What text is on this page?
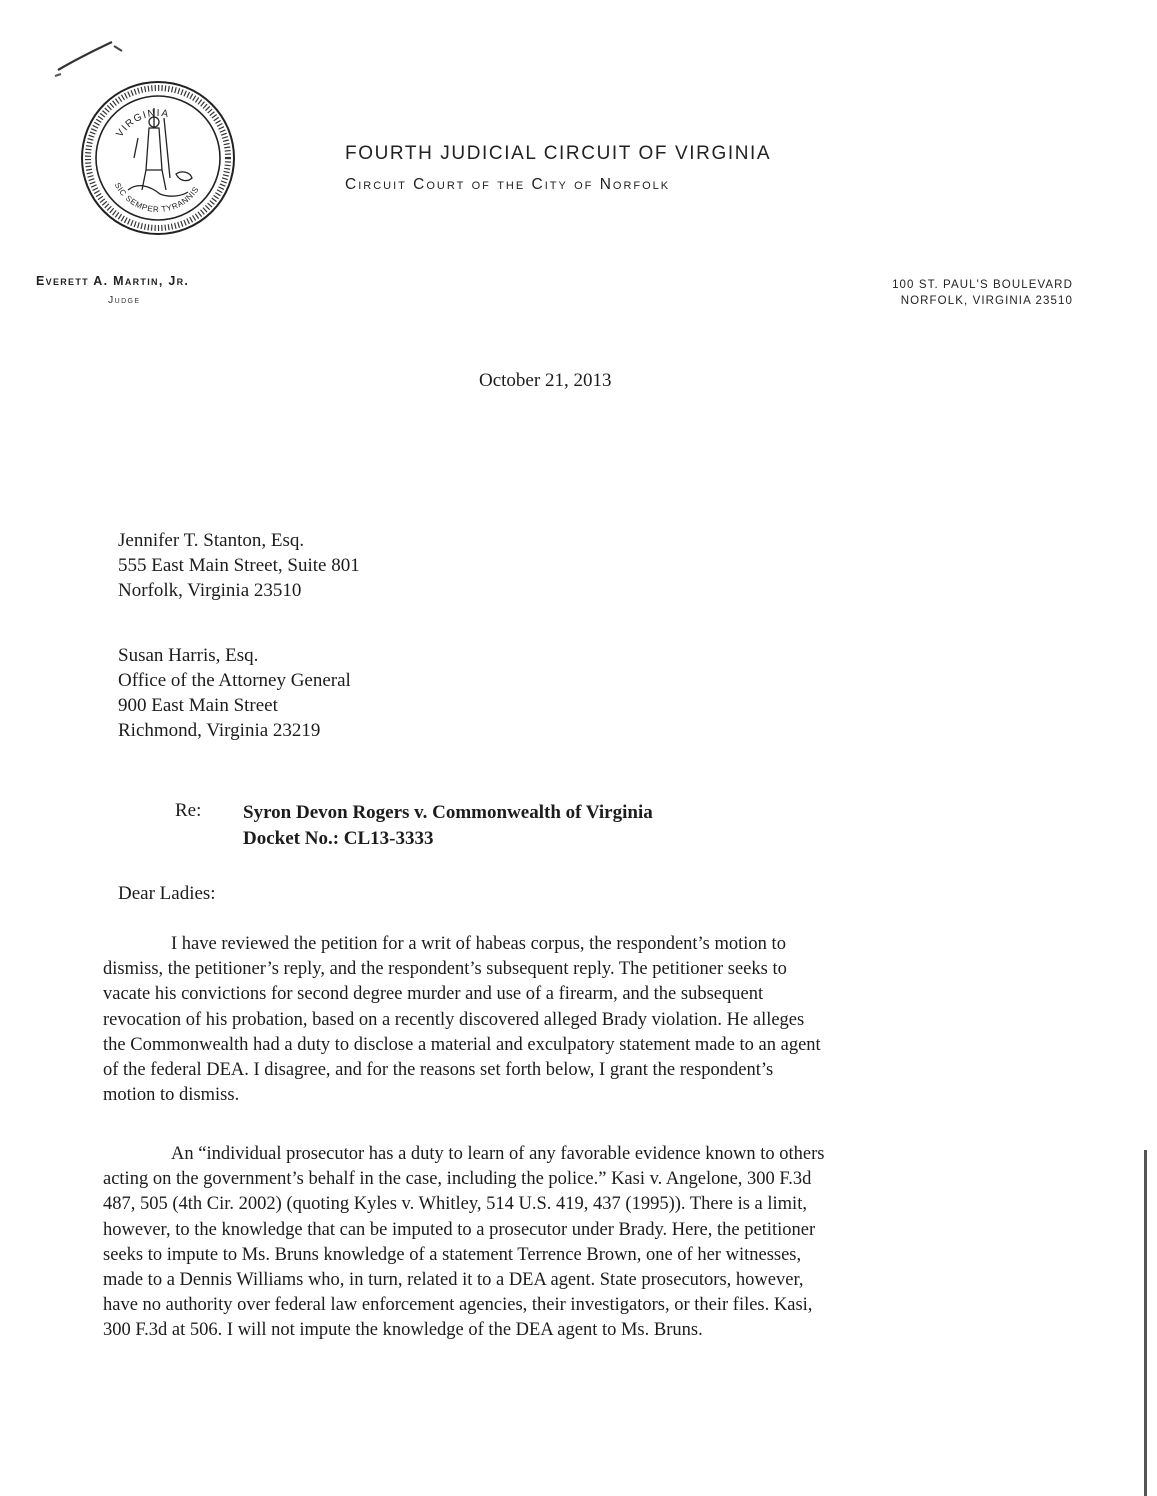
VIRGINIA
SIC SEMPER TYRANNIS
FOURTH JUDICIAL CIRCUIT OF VIRGINIA
Circuit Court of the City of Norfolk
Everett A. Martin, Jr.
Judge
100 ST. PAUL'S BOULEVARD
NORFOLK, VIRGINIA 23510
October 21, 2013
Jennifer T. Stanton, Esq.
555 East Main Street, Suite 801
Norfolk, Virginia 23510
Susan Harris, Esq.
Office of the Attorney General
900 East Main Street
Richmond, Virginia 23219
Re: Syron Devon Rogers v. Commonwealth of Virginia
Docket No.: CL13-3333
Dear Ladies:
I have reviewed the petition for a writ of habeas corpus, the respondent’s motion to
dismiss, the petitioner’s reply, and the respondent’s subsequent reply. The petitioner seeks to
vacate his convictions for second degree murder and use of a firearm, and the subsequent
revocation of his probation, based on a recently discovered alleged Brady violation. He alleges
the Commonwealth had a duty to disclose a material and exculpatory statement made to an agent
of the federal DEA. I disagree, and for the reasons set forth below, I grant the respondent’s
motion to dismiss.
An “individual prosecutor has a duty to learn of any favorable evidence known to others
acting on the government’s behalf in the case, including the police.” Kasi v. Angelone, 300 F.3d
487, 505 (4th Cir. 2002) (quoting Kyles v. Whitley, 514 U.S. 419, 437 (1995)). There is a limit,
however, to the knowledge that can be imputed to a prosecutor under Brady. Here, the petitioner
seeks to impute to Ms. Bruns knowledge of a statement Terrence Brown, one of her witnesses,
made to a Dennis Williams who, in turn, related it to a DEA agent. State prosecutors, however,
have no authority over federal law enforcement agencies, their investigators, or their files. Kasi,
300 F.3d at 506. I will not impute the knowledge of the DEA agent to Ms. Bruns.
